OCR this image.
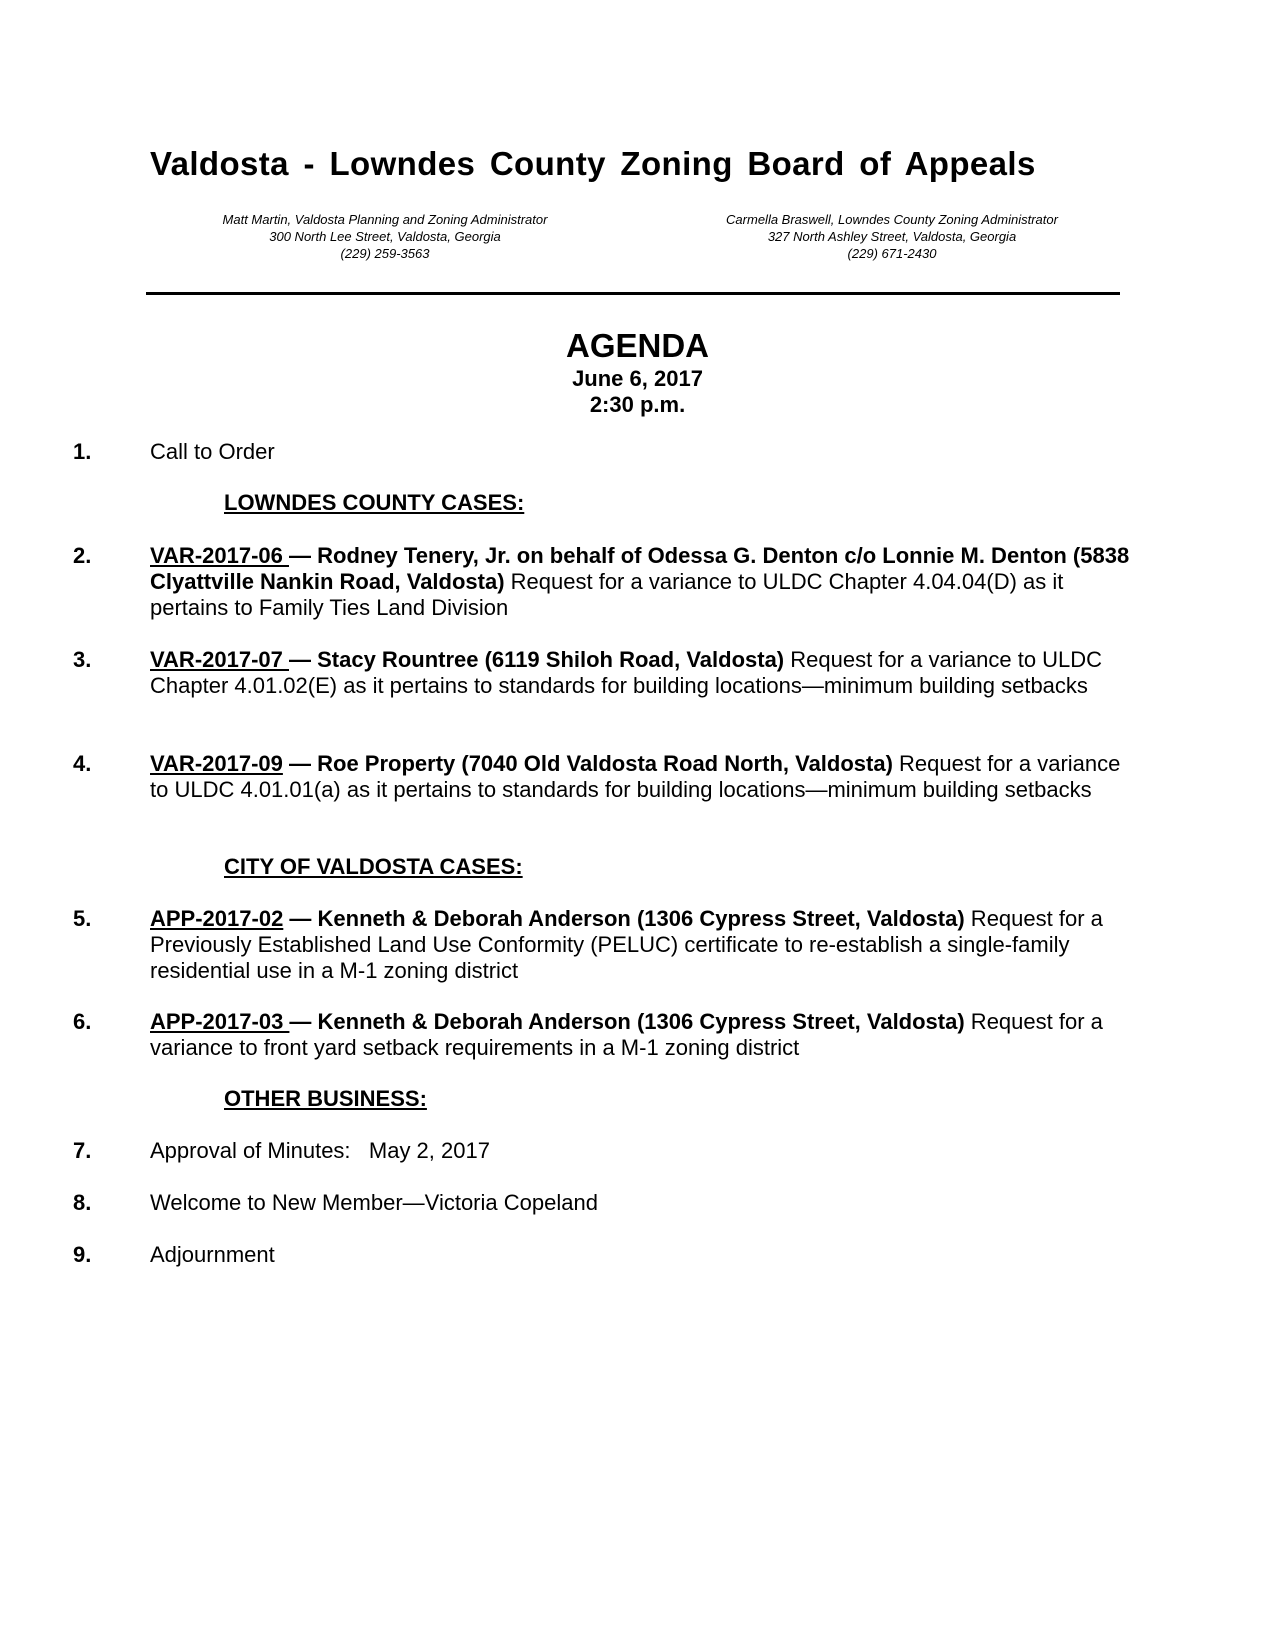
Valdosta - Lowndes County Zoning Board of Appeals
Matt Martin, Valdosta Planning and Zoning Administrator
300 North Lee Street, Valdosta, Georgia
(229) 259-3563
Carmella Braswell, Lowndes County Zoning Administrator
327 North Ashley Street, Valdosta, Georgia
(229) 671-2430
AGENDA
June 6, 2017
2:30 p.m.
1.	Call to Order
LOWNDES COUNTY CASES:
2.	VAR-2017-06 — Rodney Tenery, Jr. on behalf of Odessa G. Denton c/o Lonnie M. Denton (5838 Clyattville Nankin Road, Valdosta) Request for a variance to ULDC Chapter 4.04.04(D) as it pertains to Family Ties Land Division
3.	VAR-2017-07 — Stacy Rountree (6119 Shiloh Road, Valdosta) Request for a variance to ULDC Chapter 4.01.02(E) as it pertains to standards for building locations—minimum building setbacks
4.	VAR-2017-09 — Roe Property (7040 Old Valdosta Road North, Valdosta) Request for a variance to ULDC 4.01.01(a) as it pertains to standards for building locations—minimum building setbacks
CITY OF VALDOSTA CASES:
5.	APP-2017-02 — Kenneth & Deborah Anderson (1306 Cypress Street, Valdosta) Request for a Previously Established Land Use Conformity (PELUC) certificate to re-establish a single-family residential use in a M-1 zoning district
6.	APP-2017-03 — Kenneth & Deborah Anderson (1306 Cypress Street, Valdosta) Request for a variance to front yard setback requirements in a M-1 zoning district
OTHER BUSINESS:
7.	Approval of Minutes:   May 2, 2017
8.	Welcome to New Member—Victoria Copeland
9.	Adjournment
